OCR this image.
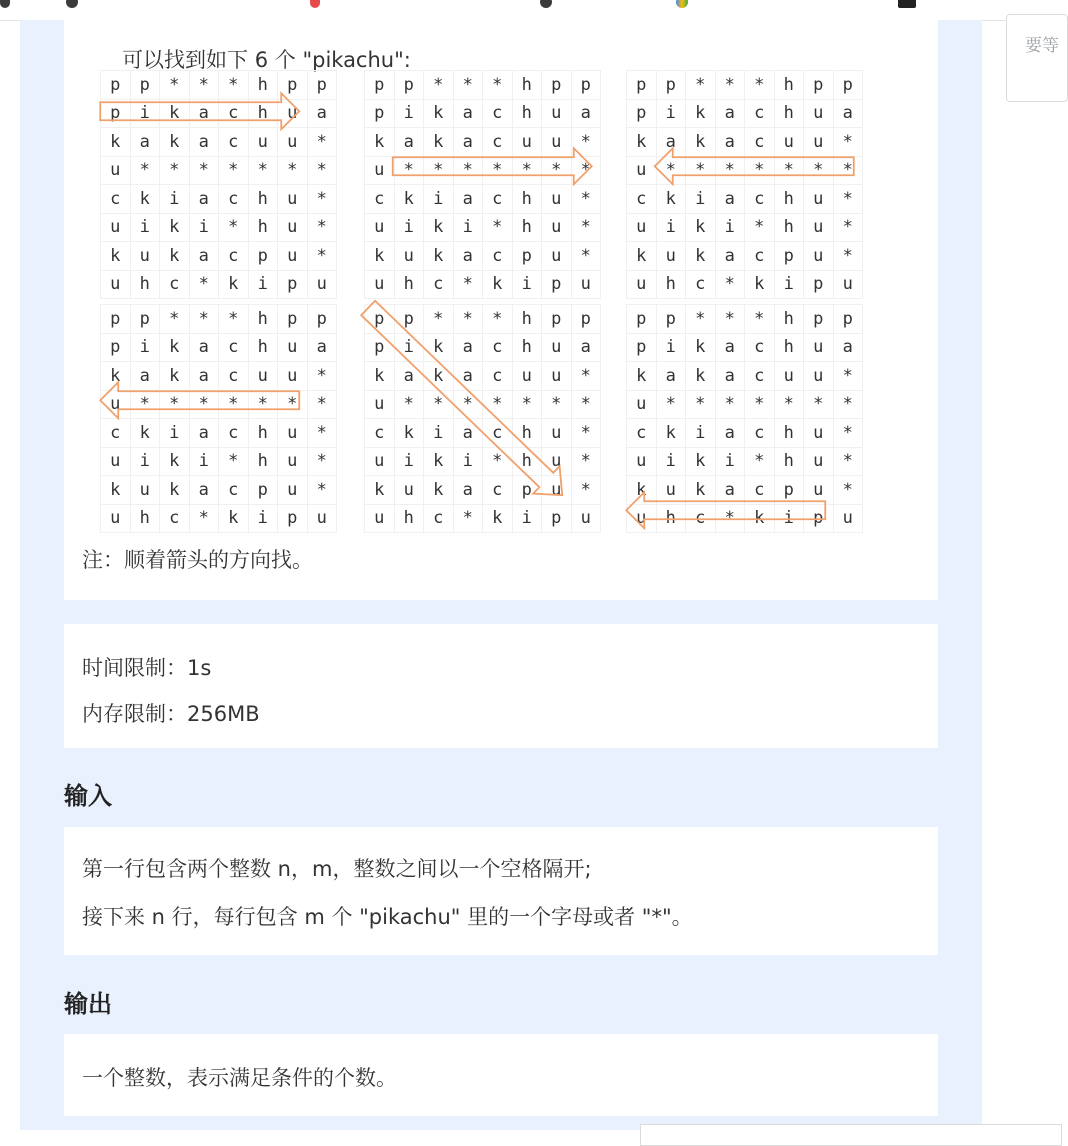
可以找到如下 6 个 "pikachu":

p	p	*	*	*	h	p	p
p	i	k	a	c	h	u	a
k	a	k	a	c	u	u	*
u	*	*	*	*	*	*	*
c	k	i	a	c	h	u	*
u	i	k	i	*	h	u	*
k	u	k	a	c	p	u	*
u	h	c	*	k	i	p	u
p	p	*	*	*	h	p	p
p	i	k	a	c	h	u	a
k	a	k	a	c	u	u	*
u	*	*	*	*	*	*	*
c	k	i	a	c	h	u	*
u	i	k	i	*	h	u	*
k	u	k	a	c	p	u	*
u	h	c	*	k	i	p	u
p	p	*	*	*	h	p	p
p	i	k	a	c	h	u	a
k	a	k	a	c	u	u	*
u	*	*	*	*	*	*	*
c	k	i	a	c	h	u	*
u	i	k	i	*	h	u	*
k	u	k	a	c	p	u	*
u	h	c	*	k	i	p	u
p	p	*	*	*	h	p	p
p	i	k	a	c	h	u	a
k	a	k	a	c	u	u	*
u	*	*	*	*	*	*	*
c	k	i	a	c	h	u	*
u	i	k	i	*	h	u	*
k	u	k	a	c	p	u	*
u	h	c	*	k	i	p	u
p	p	*	*	*	h	p	p
p	i	k	a	c	h	u	a
k	a	k	a	c	u	u	*
u	*	*	*	*	*	*	*
c	k	i	a	c	h	u	*
u	i	k	i	*	h	u	*
k	u	k	a	c	p	u	*
u	h	c	*	k	i	p	u
p	p	*	*	*	h	p	p
p	i	k	a	c	h	u	a
k	a	k	a	c	u	u	*
u	*	*	*	*	*	*	*
c	k	i	a	c	h	u	*
u	i	k	i	*	h	u	*
k	u	k	a	c	p	u	*
u	h	c	*	k	i	p	u
注：顺着箭头的方向找。
时间限制：1s
内存限制：256MB
输入
第一行包含两个整数 n，m，整数之间以一个空格隔开;
接下来 n 行，每行包含 m 个 "pikachu" 里的一个字母或者 "*"。
输出
一个整数，表示满足条件的个数。
要等
